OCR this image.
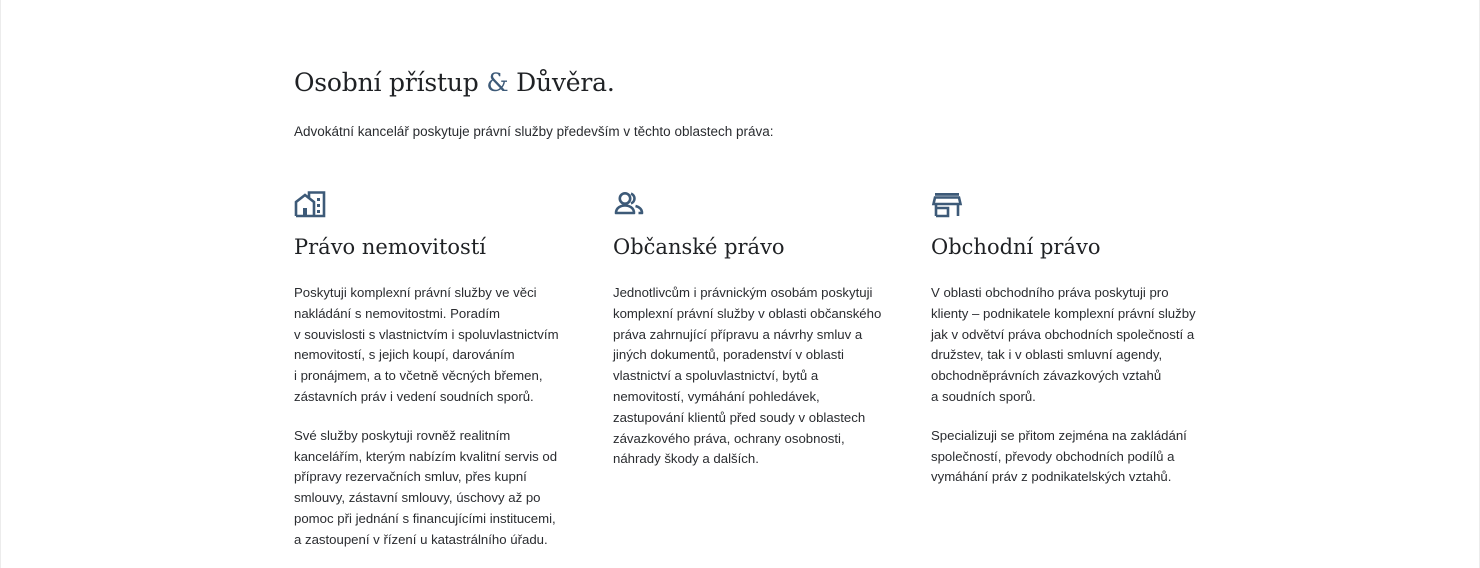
Osobní přístup & Důvěra.

Advokátní kancelář poskytuje právní služby především v těchto oblastech práva:

Právo nemovitostí

Poskytuji komplexní právní služby ve věci
nakládání s nemovitostmi. Poradím
v souvislosti s vlastnictvím i spoluvlastnictvím
nemovitostí, s jejich koupí, darováním
i pronájmem, a to včetně věcných břemen,
zástavních práv i vedení soudních sporů.

Své služby poskytuji rovněž realitním
kancelářím, kterým nabízím kvalitní servis od
přípravy rezervačních smluv, přes kupní
smlouvy, zástavní smlouvy, úschovy až po
pomoc při jednání s financujícími institucemi,
a zastoupení v řízení u katastrálního úřadu.

Občanské právo

Jednotlivcům i právnickým osobám poskytuji
komplexní právní služby v oblasti občanského
práva zahrnující přípravu a návrhy smluv a
jiných dokumentů, poradenství v oblasti
vlastnictví a spoluvlastnictví, bytů a
nemovitostí, vymáhání pohledávek,
zastupování klientů před soudy v oblastech
závazkového práva, ochrany osobnosti,
náhrady škody a dalších.

Obchodní právo

V oblasti obchodního práva poskytuji pro
klienty – podnikatele komplexní právní služby
jak v odvětví práva obchodních společností a
družstev, tak i v oblasti smluvní agendy,
obchodněprávních závazkových vztahů
a soudních sporů.

Specializuji se přitom zejména na zakládání
společností, převody obchodních podílů a
vymáhání práv z podnikatelských vztahů.
